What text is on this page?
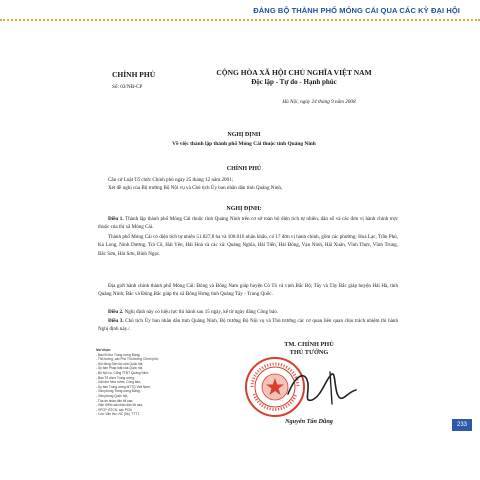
ĐẢNG BỘ THÀNH PHỐ MÓNG CÁI QUA CÁC KỲ ĐẠI HỘI
CHÍNH PHỦ
Số: 03/NĐ-CP
CỘNG HÒA XÃ HỘI CHỦ NGHĨA VIỆT NAM
Độc lập - Tự do - Hạnh phúc
Hà Nội, ngày 24 tháng 9 năm 2008
NGHỊ ĐỊNH
Về việc thành lập thành phố Móng Cái thuộc tỉnh Quảng Ninh
CHÍNH PHỦ
Căn cứ Luật Tổ chức Chính phủ ngày 25 tháng 12 năm 2001;
Xét đề nghị của Bộ trưởng Bộ Nội vụ và Chủ tịch Ủy ban nhân dân tỉnh Quảng Ninh,
NGHỊ ĐỊNH:
Điều 1. Thành lập thành phố Móng Cái thuộc tỉnh Quảng Ninh trên cơ sở toàn bộ diện tích tự nhiên, dân số và các đơn vị hành chính trực thuộc của thị xã Móng Cái.
Thành phố Móng Cái có diện tích tự nhiên 51.827,8 ha và 108.016 nhân khẩu, có 17 đơn vị hành chính, gồm các phường: Hoà Lạc, Trần Phú, Ka Long, Ninh Dương, Trà Cổ, Hải Yên, Hải Hoà và các xã: Quảng Nghĩa, Hải Tiến, Hải Đông, Vạn Ninh, Hải Xuân, Vĩnh Thực, Vĩnh Trung, Bắc Sơn, Hải Sơn, Bình Ngọc.
Địa giới hành chính thành phố Móng Cái: Đông và Đông Nam giáp huyện Cô Tô và vịnh Bắc Bộ; Tây và Tây Bắc giáp huyện Hải Hà, tỉnh Quảng Ninh; Bắc và Đông Bắc giáp thị xã Đông Hưng tỉnh Quảng Tây - Trung Quốc.
Điều 2. Nghị định này có hiệu lực thi hành sau 15 ngày, kể từ ngày đăng Công báo.
Điều 3. Chủ tịch Ủy ban nhân dân tỉnh Quảng Ninh, Bộ trưởng Bộ Nội vụ và Thủ trưởng các cơ quan liên quan chịu trách nhiệm thi hành Nghị định này./.
Nơi nhận:
- Ban Bí thư Trung ương Đảng;
- Thủ tướng, các Phó Thủ tướng Chính phủ;
- Hội đồng Dân tộc của Quốc hội;
- Ủy ban Pháp luật của Quốc hội;
- Bộ Nội vụ, Cổng TTĐT Quảng Ninh;
- Ban Tổ chức Trung ương;
- Văn thư Nhà nước, Công báo;
- Ủy ban Trung ương MTTQ Việt Nam;
- Văn phòng Trung ương Đảng;
- Văn phòng Quốc hội;
- Tòa án nhân dân tối cao;
- Viện Kiểm sát nhân dân tối cao;
- VPCP: BTCN, các PCN;
- Lưu: Văn thư, NC (5b), TTTT.
TM. CHÍNH PHỦ
THỦ TƯỚNG
Nguyễn Tấn Dũng	233
